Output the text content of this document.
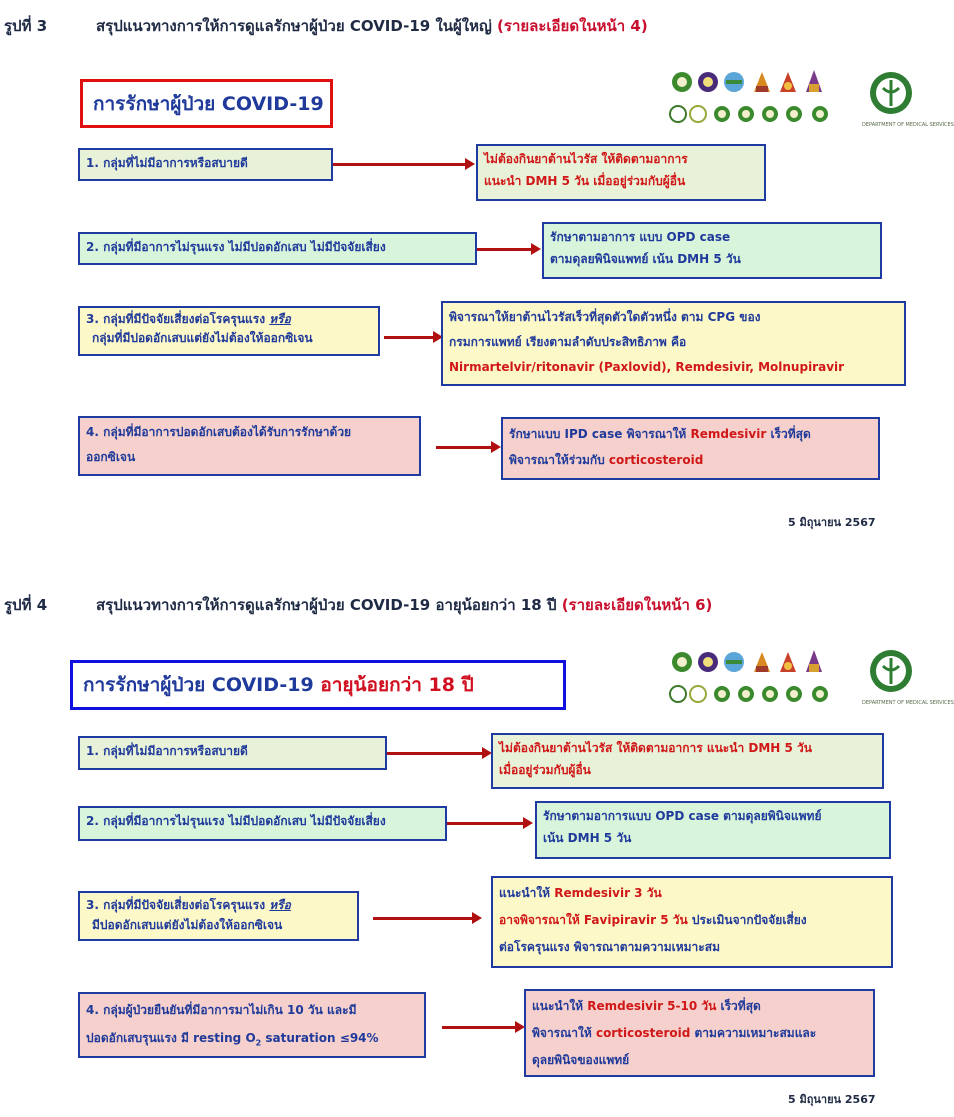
รูปที่ 3	สรุปแนวทางการให้การดูแลรักษาผู้ป่วย COVID-19 ในผู้ใหญ่ (รายละเอียดในหน้า 4)
การรักษาผู้ป่วย COVID-19
DEPARTMENT OF MEDICAL SERVICES
1. กลุ่มที่ไม่มีอาการหรือสบายดี	ไม่ต้องกินยาต้านไวรัส ให้ติดตามอาการ
แนะนำ DMH 5 วัน เมื่ออยู่ร่วมกับผู้อื่น
2. กลุ่มที่มีอาการไม่รุนแรง ไม่มีปอดอักเสบ ไม่มีปัจจัยเสี่ยง
รักษาตามอาการ แบบ OPD case
ตามดุลยพินิจแพทย์ เน้น DMH 5 วัน
3. กลุ่มที่มีปัจจัยเสี่ยงต่อโรครุนแรง หรือ
กลุ่มที่มีปอดอักเสบแต่ยังไม่ต้องให้ออกซิเจน
พิจารณาให้ยาต้านไวรัสเร็วที่สุดตัวใดตัวหนึ่ง ตาม CPG ของ
กรมการแพทย์ เรียงตามลำดับประสิทธิภาพ คือ
Nirmartelvir/ritonavir (Paxlovid), Remdesivir, Molnupiravir
4. กลุ่มที่มีอาการปอดอักเสบต้องได้รับการรักษาด้วย
ออกซิเจน
รักษาแบบ IPD case พิจารณาให้ Remdesivir เร็วที่สุด
พิจารณาให้ร่วมกับ corticosteroid
5 มิถุนายน 2567
รูปที่ 4	สรุปแนวทางการให้การดูแลรักษาผู้ป่วย COVID-19 อายุน้อยกว่า 18 ปี (รายละเอียดในหน้า 6)
การรักษาผู้ป่วย COVID-19
อายุน้อยกว่า 18 ปี
DEPARTMENT OF MEDICAL SERVICES
1. กลุ่มที่ไม่มีอาการหรือสบายดี	ไม่ต้องกินยาต้านไวรัส ให้ติดตามอาการ แนะนำ DMH 5 วัน
เมื่ออยู่ร่วมกับผู้อื่น
2. กลุ่มที่มีอาการไม่รุนแรง ไม่มีปอดอักเสบ ไม่มีปัจจัยเสี่ยง	รักษาตามอาการแบบ OPD case ตามดุลยพินิจแพทย์
เน้น DMH 5 วัน
3. กลุ่มที่มีปัจจัยเสี่ยงต่อโรครุนแรง หรือ
มีปอดอักเสบแต่ยังไม่ต้องให้ออกซิเจน
แนะนำให้ Remdesivir 3 วัน
อาจพิจารณาให้ Favipiravir 5 วัน ประเมินจากปัจจัยเสี่ยง
ต่อโรครุนแรง พิจารณาตามความเหมาะสม
4. กลุ่มผู้ป่วยยืนยันที่มีอาการมาไม่เกิน 10 วัน และมี
ปอดอักเสบรุนแรง มี resting $O_2$ saturation ≤94%
แนะนำให้ Remdesivir 5-10 วัน เร็วที่สุด
พิจารณาให้ corticosteroid ตามความเหมาะสมและ
ดุลยพินิจของแพทย์
5 มิถุนายน 2567
